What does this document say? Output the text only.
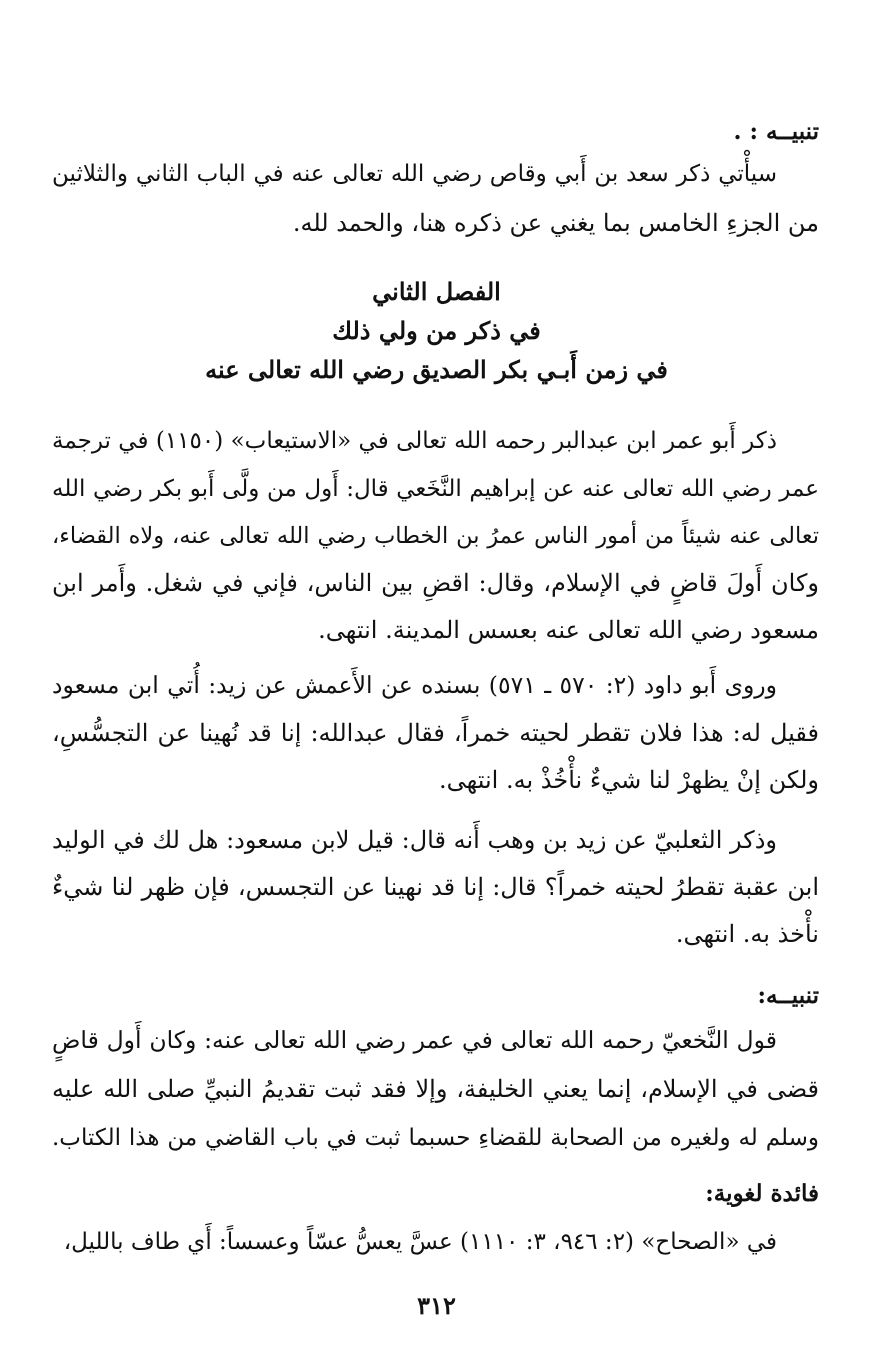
تنبيــه : .
سيأْتي ذكر سعد بن أَبي وقاص رضي الله تعالى عنه في الباب الثاني والثلاثين
من الجزءِ الخامس بما يغني عن ذكره هنا، والحمد لله.
الفصل الثاني
في ذكر من ولي ذلك
في زمن أَبـي بكر الصديق رضي الله تعالى عنه
ذكر أَبو عمر ابن عبدالبر رحمه الله تعالى في «الاستيعاب» (١١٥٠) في ترجمة
عمر رضي الله تعالى عنه عن إبراهيم النَّخَعي قال: أَول من ولَّى أَبو بكر رضي الله
تعالى عنه شيئاً من أمور الناس عمرُ بن الخطاب رضي الله تعالى عنه، ولاه القضاء،
وكان أَولَ قاضٍ في الإسلام، وقال: اقضِ بين الناس، فإني في شغل. وأَمر ابن
مسعود رضي الله تعالى عنه بعسس المدينة. انتهى.
وروى أَبو داود (٢: ٥٧٠ ـ ٥٧١) بسنده عن الأَعمش عن زيد: أُتي ابن مسعود
فقيل له: هذا فلان تقطر لحيته خمراً، فقال عبدالله: إنا قد نُهينا عن التجسُّسِ،
ولكن إنْ يظهرْ لنا شيءٌ نأْخُذْ به. انتهى.
وذكر الثعلبيّ عن زيد بن وهب أَنه قال: قيل لابن مسعود: هل لك في الوليد
ابن عقبة تقطرُ لحيته خمراً؟ قال: إنا قد نهينا عن التجسس، فإن ظهر لنا شيءٌ
نأْخذ به. انتهى.
تنبيــه:
قول النَّخعيّ رحمه الله تعالى في عمر رضي الله تعالى عنه: وكان أَول قاضٍ
قضى في الإسلام، إنما يعني الخليفة، وإلا فقد ثبت تقديمُ النبيِّ صلى الله عليه
وسلم له ولغيره من الصحابة للقضاءِ حسبما ثبت في باب القاضي من هذا الكتاب.
فائدة لغوية:
في «الصحاح» (٢: ٩٤٦، ٣: ١١١٠) عسَّ يعسُّ عسّاً وعسساً: أَي طاف بالليل،
٣١٢
